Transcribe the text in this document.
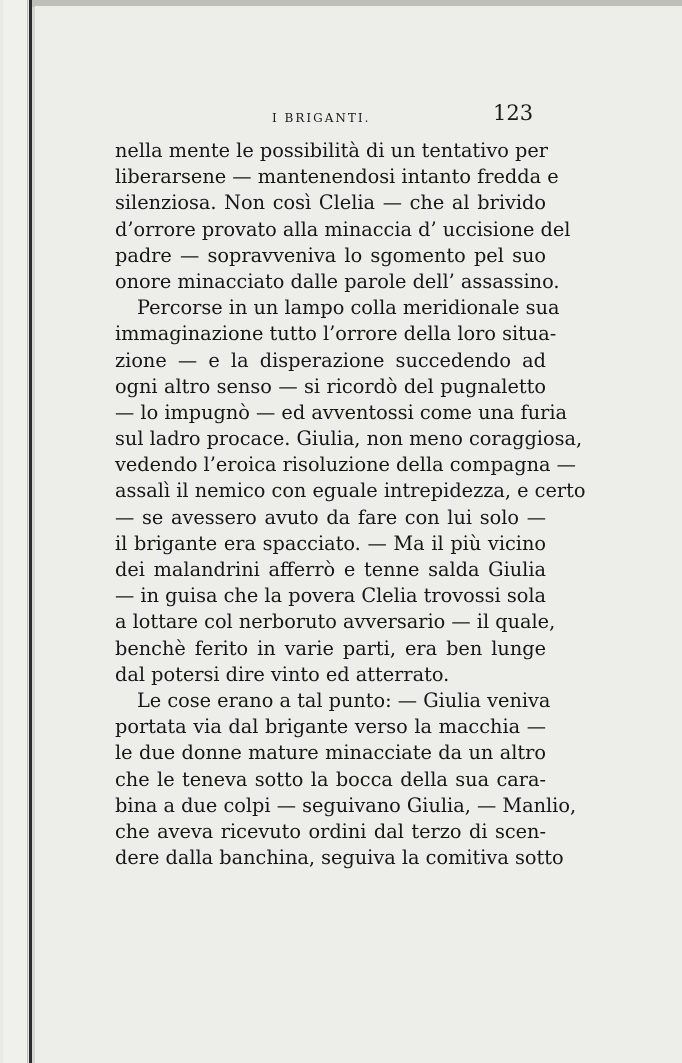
I BRIGANTI.	123
nella mente le possibilità di un tentativo per
liberarsene — mantenendosi intanto fredda e
silenziosa. Non così Clelia — che al brivido
d’orrore provato alla minaccia d’ uccisione del
padre — sopravveniva lo sgomento pel suo
onore minacciato dalle parole dell’ assassino.
Percorse in un lampo colla meridionale sua
immaginazione tutto l’orrore della loro situa-
zione — e la disperazione succedendo ad
ogni altro senso — si ricordò del pugnaletto
— lo impugnò — ed avventossi come una furia
sul ladro procace. Giulia, non meno coraggiosa,
vedendo l’eroica risoluzione della compagna —
assalì il nemico con eguale intrepidezza, e certo
— se avessero avuto da fare con lui solo —
il brigante era spacciato. — Ma il più vicino
dei malandrini afferrò e tenne salda Giulia
— in guisa che la povera Clelia trovossi sola
a lottare col nerboruto avversario — il quale,
benchè ferito in varie parti, era ben lunge
dal potersi dire vinto ed atterrato.
Le cose erano a tal punto: — Giulia veniva
portata via dal brigante verso la macchia —
le due donne mature minacciate da un altro
che le teneva sotto la bocca della sua cara-
bina a due colpi — seguivano Giulia, — Manlio,
che aveva ricevuto ordini dal terzo di scen-
dere dalla banchina, seguiva la comitiva sotto
